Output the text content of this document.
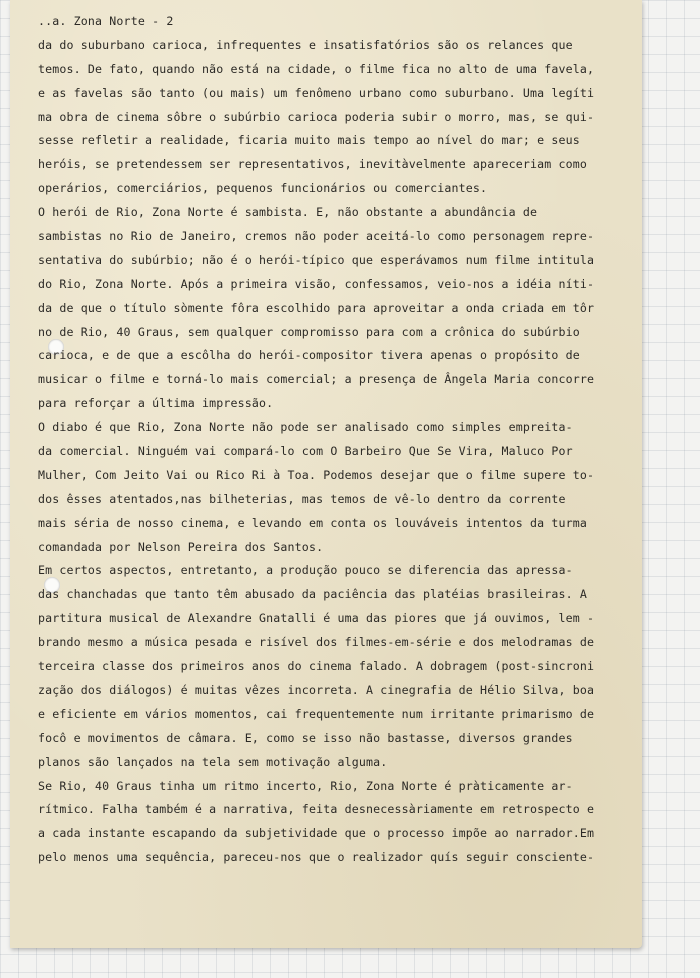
..a. Zona Norte - 2
da do suburbano carioca, infrequentes e insatisfatórios são os relances que
temos. De fato, quando não está na cidade, o filme fica no alto de uma favela,
e as favelas são tanto (ou mais) um fenômeno urbano como suburbano. Uma legíti
ma obra de cinema sôbre o subúrbio carioca poderia subir o morro, mas, se qui-
sesse refletir a realidade, ficaria muito mais tempo ao nível do mar; e seus
heróis, se pretendessem ser representativos, inevitàvelmente apareceriam como
operários, comerciários, pequenos funcionários ou comerciantes.
O herói de Rio, Zona Norte é sambista. E, não obstante a abundância de
sambistas no Rio de Janeiro, cremos não poder aceitá-lo como personagem repre-
sentativa do subúrbio; não é o herói-típico que esperávamos num filme intitula
do Rio, Zona Norte. Após a primeira visão, confessamos, veio-nos a idéia níti-
da de que o título sòmente fôra escolhido para aproveitar a onda criada em tôr
no de Rio, 40 Graus, sem qualquer compromisso para com a crônica do subúrbio
carioca, e de que a escôlha do herói-compositor tivera apenas o propósito de
musicar o filme e torná-lo mais comercial; a presença de Ângela Maria concorre
para reforçar a última impressão.
O diabo é que Rio, Zona Norte não pode ser analisado como simples empreita-
da comercial. Ninguém vai compará-lo com O Barbeiro Que Se Vira, Maluco Por
Mulher, Com Jeito Vai ou Rico Ri à Toa. Podemos desejar que o filme supere to-
dos êsses atentados,nas bilheterias, mas temos de vê-lo dentro da corrente
mais séria de nosso cinema, e levando em conta os louváveis intentos da turma
comandada por Nelson Pereira dos Santos.
Em certos aspectos, entretanto, a produção pouco se diferencia das apressa-
das chanchadas que tanto têm abusado da paciência das platéias brasileiras. A
partitura musical de Alexandre Gnatalli é uma das piores que já ouvimos, lem -
brando mesmo a música pesada e risível dos filmes-em-série e dos melodramas de
terceira classe dos primeiros anos do cinema falado. A dobragem (post-sincroni
zação dos diálogos) é muitas vêzes incorreta. A cinegrafia de Hélio Silva, boa
e eficiente em vários momentos, cai frequentemente num irritante primarismo de
focô e movimentos de câmara. E, como se isso não bastasse, diversos grandes
planos são lançados na tela sem motivação alguma.
Se Rio, 40 Graus tinha um ritmo incerto, Rio, Zona Norte é pràticamente ar-
rítmico. Falha também é a narrativa, feita desnecessàriamente em retrospecto e
a cada instante escapando da subjetividade que o processo impõe ao narrador.Em
pelo menos uma sequência, pareceu-nos que o realizador quís seguir consciente-
